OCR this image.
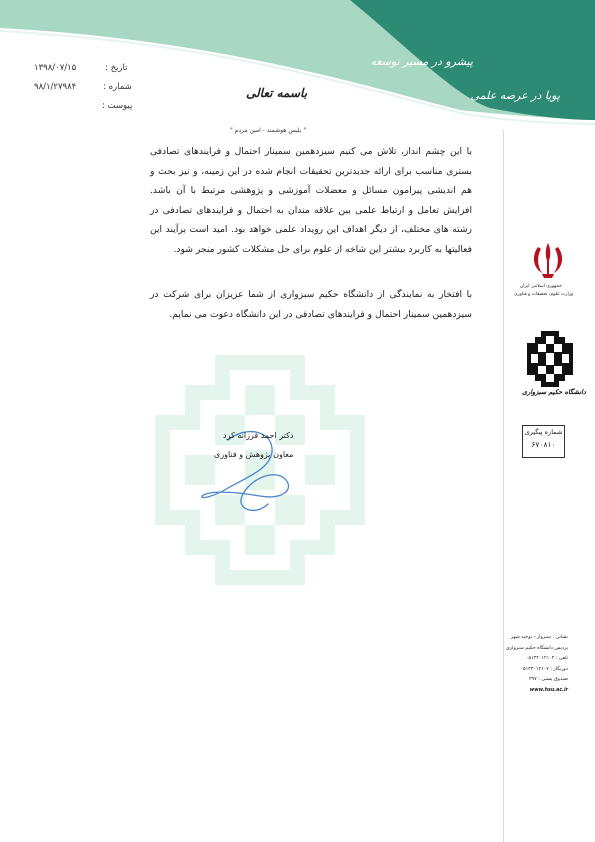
پیشرو در مسیر توسعه
پویا در عرصه علمی
باسمه تعالی
تاریخ :
۱۳۹۸/۰۷/۱۵
شماره :
۹۸/۱/۲۷۹۸۴
پیوست :
" بلیس هوشمند - امین مردم "

با این چشم انداز، تلاش می کنیم سیزدهمین سمینار احتمال و فرایندهای تصادفی بستری مناسب برای ارائه جدیدترین تحقیقات انجام شده در این زمینه، و نیز بحث و هم اندیشی پیرامون مسائل و معضلات آموزشی و پژوهشی مرتبط با آن باشد. افزایش تعامل و ارتباط علمی بین علاقه مندان به احتمال و فرایندهای تصادفی در رشته های مختلف، از دیگر اهداف این رویداد علمی خواهد بود. امید است برآیند این فعالیتها به کاربرد بیشتر این شاخه از علوم برای حل مشکلات کشور منجر شود.

با افتخار به نمایندگی از دانشگاه حکیم سبزواری از شما عزیزان برای شرکت در سیزدهمین سمینار احتمال و فرایندهای تصادفی در این دانشگاه دعوت می نمایم.

دکتر احمد فرزانه کرد
معاون پژوهش و فناوری
جمهوری اسلامی ایران
وزارت علوم، تحقیقات و فناوری
دانشگاه حکیم سبزواری
شماره پیگیری
۶۷۰۸۱۰
نشانی : سبزوار - توحید شهر
پردیس دانشگاه حکیم سبزواری
تلفن : ۰۵۱۴۴۰۱۲۱۰۴
دورنگار : ۰۵۱۴۴۰۱۲۶۰۷
صندوق پستی : ۳۹۷
www.hsu.ac.ir
